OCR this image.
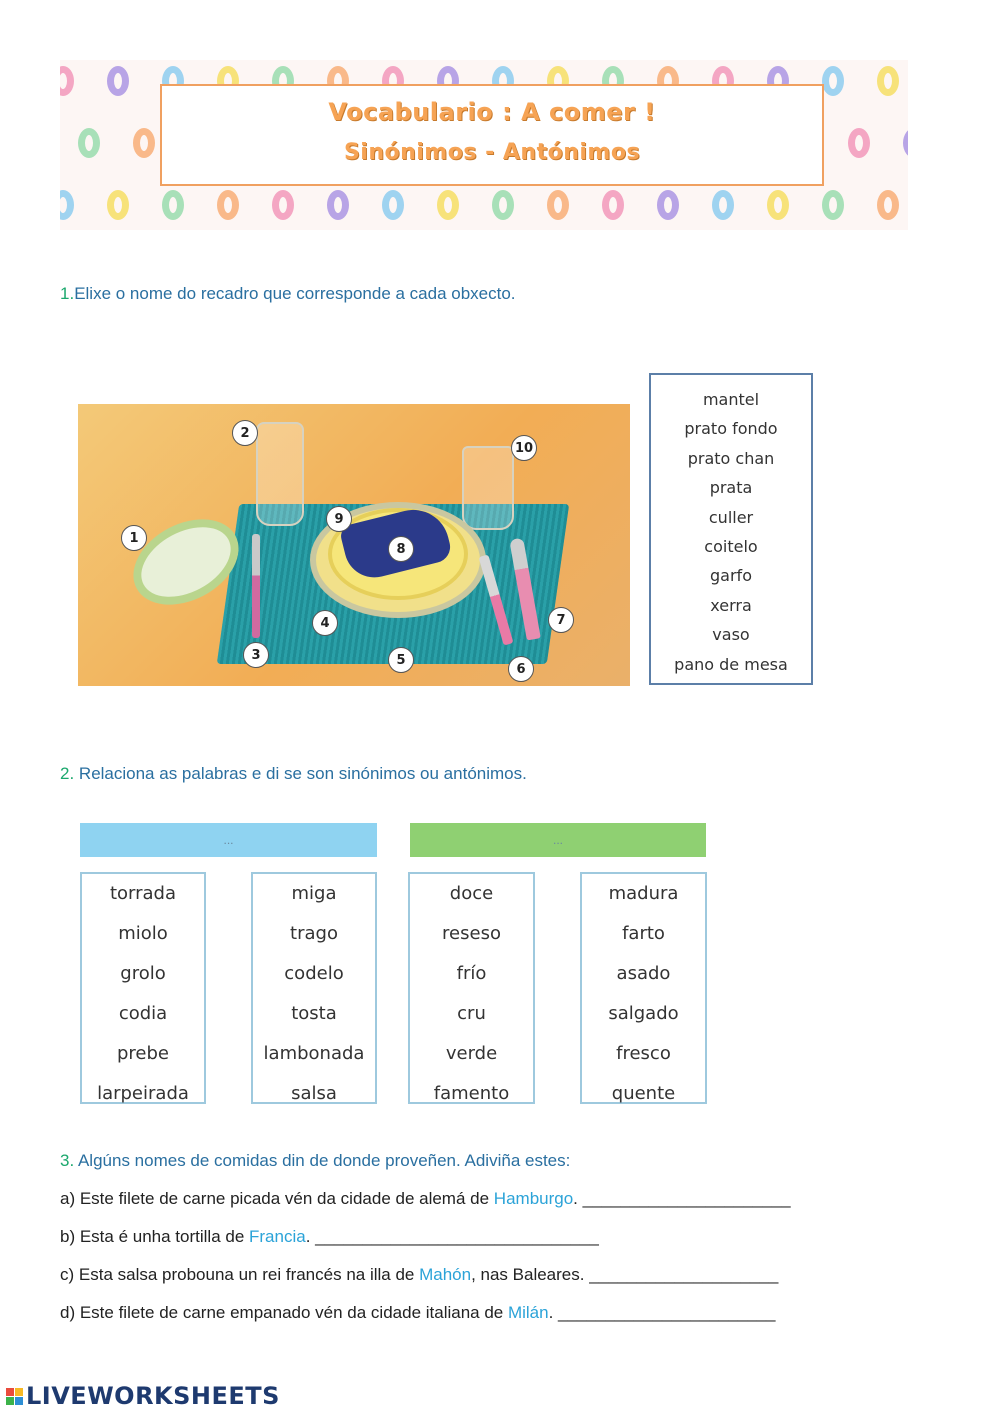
Vocabulario : A comer !
Sinónimos - Antónimos
1.Elixe o nome do recadro que corresponde a cada obxecto.
1
2
3
4
5
6
7
8
9
10
mantel
prato fondo
prato chan
prata
culler
coitelo
garfo
xerra
vaso
pano de mesa
2. Relaciona as palabras e di se son sinónimos ou antónimos.
...	...
torrada
miolo
grolo
codia
prebe
larpeirada
miga
trago
codelo
tosta
lambonada
salsa
doce
reseso
frío
cru
verde
famento
madura
farto
asado
salgado
fresco
quente
3. Algúns nomes de comidas din de donde proveñen. Adiviña estes:
a) Este filete de carne picada vén da cidade de alemá de Hamburgo. ______________________
b) Esta é unha tortilla de Francia. ______________________________
c) Esta salsa probouna un rei francés na illa de Mahón, nas Baleares. ____________________
d) Este filete de carne empanado vén da cidade italiana de Milán. _______________________
LIVEWORKSHEETS
